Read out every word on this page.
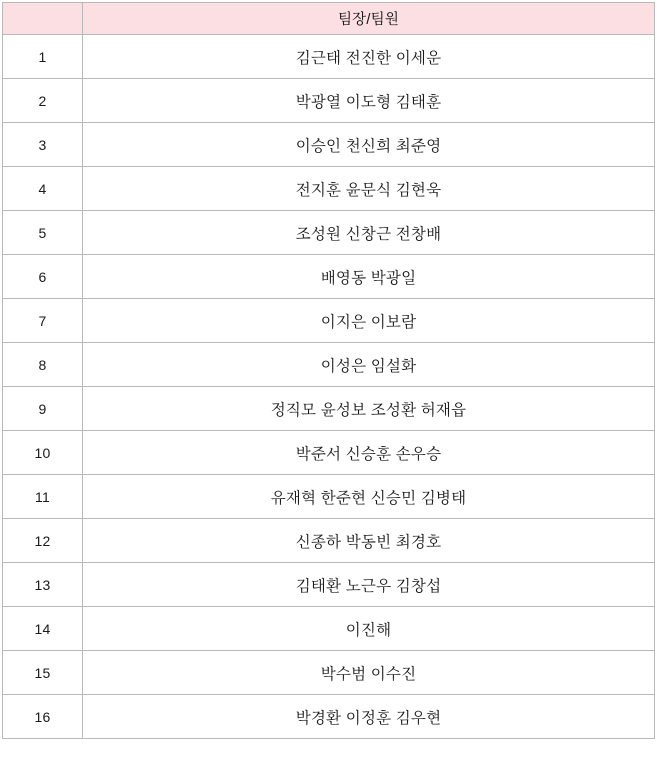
	팀장/팀원
1	김근태 전진한 이세운
2	박광열 이도형 김태훈
3	이승인 천신희 최준영
4	전지훈 윤문식 김현욱
5	조성원 신창근 전창배
6	배영동 박광일
7	이지은 이보람
8	이성은 임설화
9	정직모 윤성보 조성환 허재읍
10	박준서 신승훈 손우승
11	유재혁 한준현 신승민 김병태
12	신종하 박동빈 최경호
13	김태환 노근우 김창섭
14	이진해
15	박수범 이수진
16	박경환 이정훈 김우현
